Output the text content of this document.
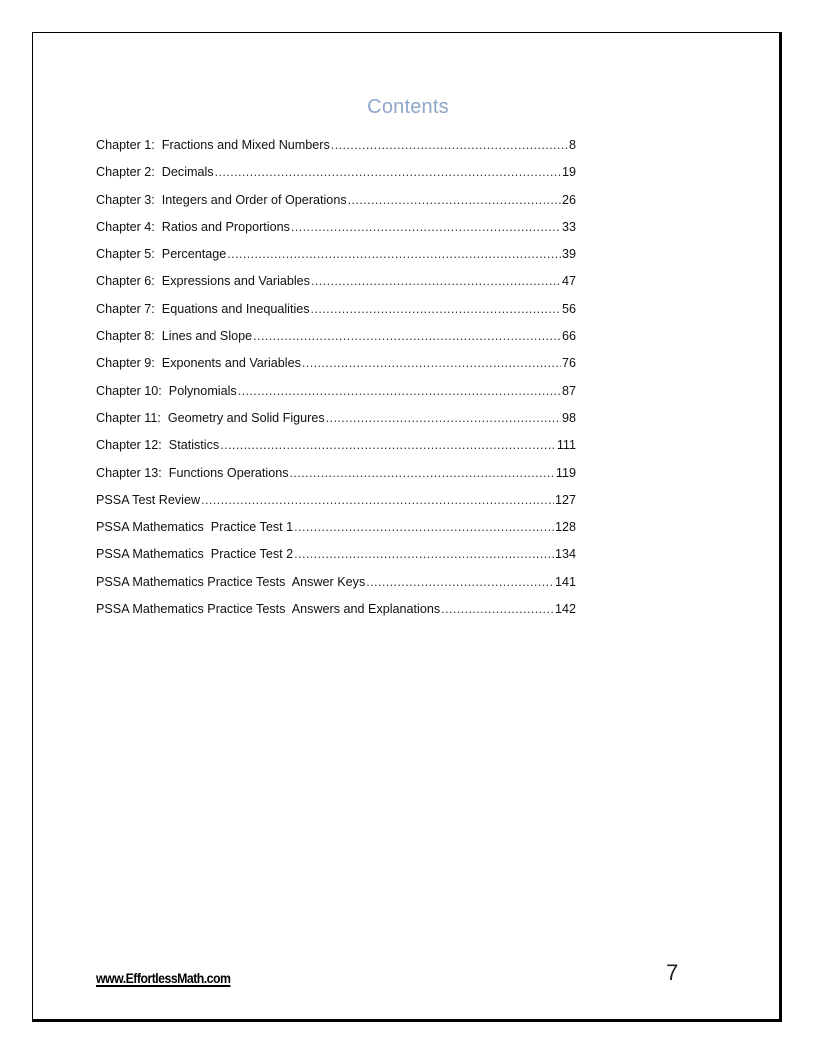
Contents
Chapter 1:  Fractions and Mixed Numbers .....	8
Chapter 2:  Decimals .....	19
Chapter 3:  Integers and Order of Operations .....	26
Chapter 4:  Ratios and Proportions .....	33
Chapter 5:  Percentage .....	39
Chapter 6:  Expressions and Variables .....	47
Chapter 7:  Equations and Inequalities .....	56
Chapter 8:  Lines and Slope .....	66
Chapter 9:  Exponents and Variables .....	76
Chapter 10:  Polynomials .....	87
Chapter 11:  Geometry and Solid Figures .....	98
Chapter 12:  Statistics .....	111
Chapter 13:  Functions Operations .....	119
PSSA Test Review .....	127
PSSA Mathematics  Practice Test 1 .....	128
PSSA Mathematics  Practice Test 2 .....	134
PSSA Mathematics Practice Tests  Answer Keys .....	141
PSSA Mathematics Practice Tests  Answers and Explanations .....	142
www.EffortlessMath.com	7
